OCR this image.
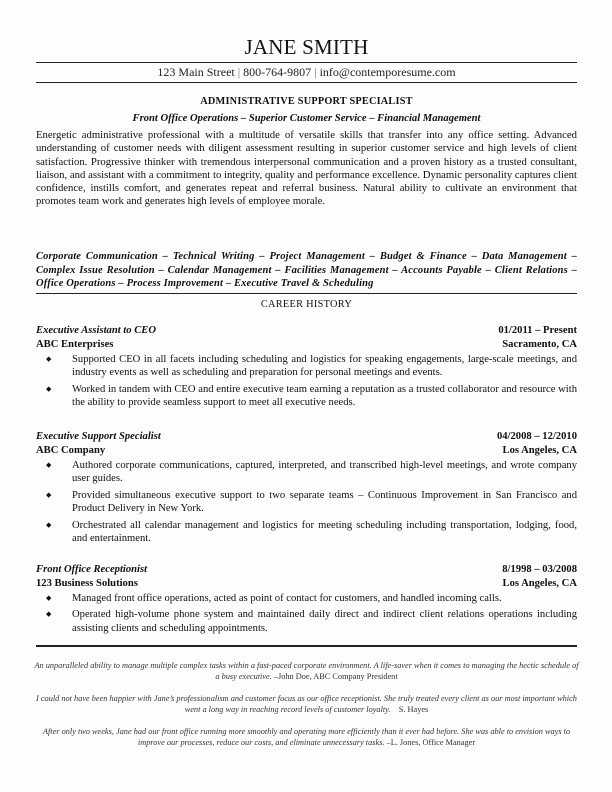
JANE SMITH
123 Main Street | 800-764-9807 | info@contemporesume.com
ADMINISTRATIVE SUPPORT SPECIALIST
Front Office Operations – Superior Customer Service – Financial Management
Energetic administrative professional with a multitude of versatile skills that transfer into any office setting. Advanced understanding of customer needs with diligent assessment resulting in superior customer service and high levels of client satisfaction. Progressive thinker with tremendous interpersonal communication and a proven history as a trusted consultant, liaison, and assistant with a commitment to integrity, quality and performance excellence. Dynamic personality captures client confidence, instills comfort, and generates repeat and referral business. Natural ability to cultivate an environment that promotes team work and generates high levels of employee morale.
Corporate Communication – Technical Writing – Project Management – Budget & Finance – Data Management – Complex Issue Resolution – Calendar Management – Facilities Management – Accounts Payable – Client Relations – Office Operations – Process Improvement – Executive Travel & Scheduling
CAREER HISTORY
Executive Assistant to CEO	01/2011 – Present
ABC Enterprises	Sacramento, CA
◆ Supported CEO in all facets including scheduling and logistics for speaking engagements, large-scale meetings, and industry events as well as scheduling and preparation for personal meetings and events.
◆ Worked in tandem with CEO and entire executive team earning a reputation as a trusted collaborator and resource with the ability to provide seamless support to meet all executive needs.
Executive Support Specialist	04/2008 – 12/2010
ABC Company	Los Angeles, CA
◆ Authored corporate communications, captured, interpreted, and transcribed high-level meetings, and wrote company user guides.
◆ Provided simultaneous executive support to two separate teams – Continuous Improvement in San Francisco and Product Delivery in New York.
◆ Orchestrated all calendar management and logistics for meeting scheduling including transportation, lodging, food, and entertainment.
Front Office Receptionist	8/1998 – 03/2008
123 Business Solutions	Los Angeles, CA
◆ Managed front office operations, acted as point of contact for customers, and handled incoming calls.
◆ Operated high-volume phone system and maintained daily direct and indirect client relations operations including assisting clients and scheduling appointments.
An unparalleled ability to manage multiple complex tasks within a fast-paced corporate environment. A life-saver when it comes to managing the hectic schedule of a busy executive. –John Doe, ABC Company President
I could not have been happier with Jane’s professionalism and customer focus as our office receptionist. She truly treated every client as our most important which went a long way in reaching record levels of customer loyalty.    S. Hayes
After only two weeks, Jane had our front office running more smoothly and operating more efficiently than it ever had before. She was able to envision ways to improve our processes, reduce our costs, and eliminate unnecessary tasks. –L. Jones, Office Manager
